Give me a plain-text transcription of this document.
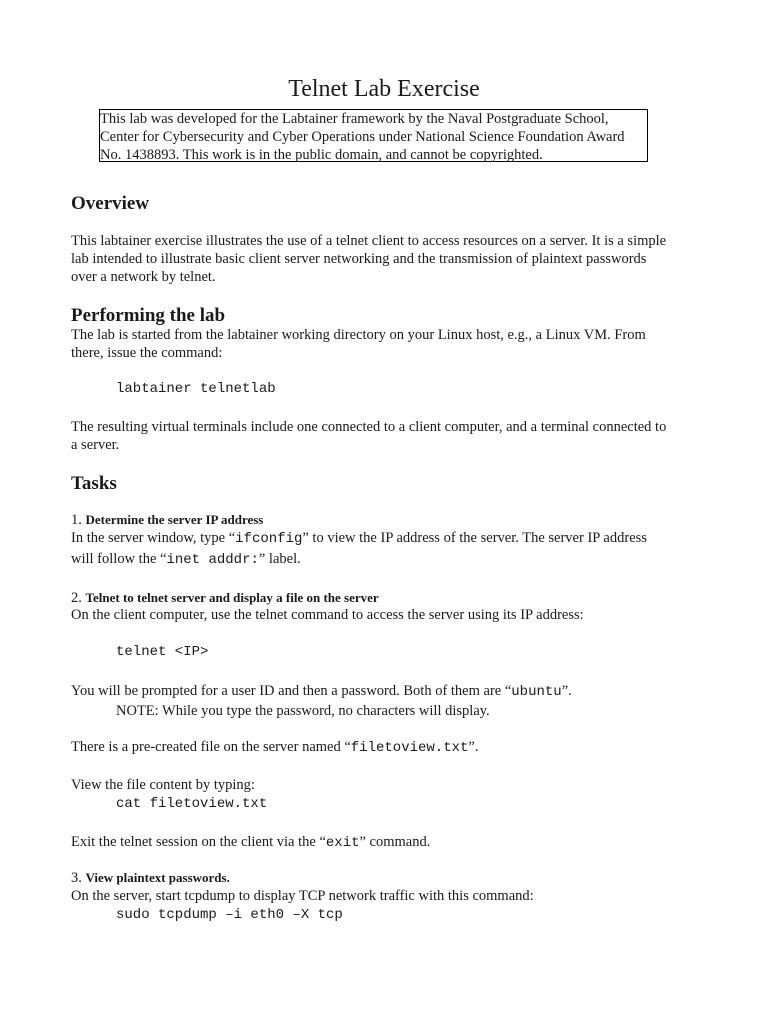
Telnet Lab Exercise
This lab was developed for the Labtainer framework by the Naval Postgraduate School,
Center for Cybersecurity and Cyber Operations under National Science Foundation Award
No. 1438893. This work is in the public domain, and cannot be copyrighted.
Overview
This labtainer exercise illustrates the use of a telnet client to access resources on a server. It is a simple
lab intended to illustrate basic client server networking and the transmission of plaintext passwords
over a network by telnet.
Performing the lab
The lab is started from the labtainer working directory on your Linux host, e.g., a Linux VM. From
there, issue the command:
labtainer telnetlab
The resulting virtual terminals include one connected to a client computer, and a terminal connected to
a server.
Tasks
1. Determine the server IP address
In the server window, type “ifconfig” to view the IP address of the server. The server IP address
will follow the “inet adddr:” label.
2. Telnet to telnet server and display a file on the server
On the client computer, use the telnet command to access the server using its IP address:
telnet <IP>
You will be prompted for a user ID and then a password. Both of them are “ubuntu”.
NOTE: While you type the password, no characters will display.
There is a pre-created file on the server named “filetoview.txt”.
View the file content by typing:
cat filetoview.txt
Exit the telnet session on the client via the “exit” command.
3. View plaintext passwords.
On the server, start tcpdump to display TCP network traffic with this command:
sudo tcpdump –i eth0 –X tcp
